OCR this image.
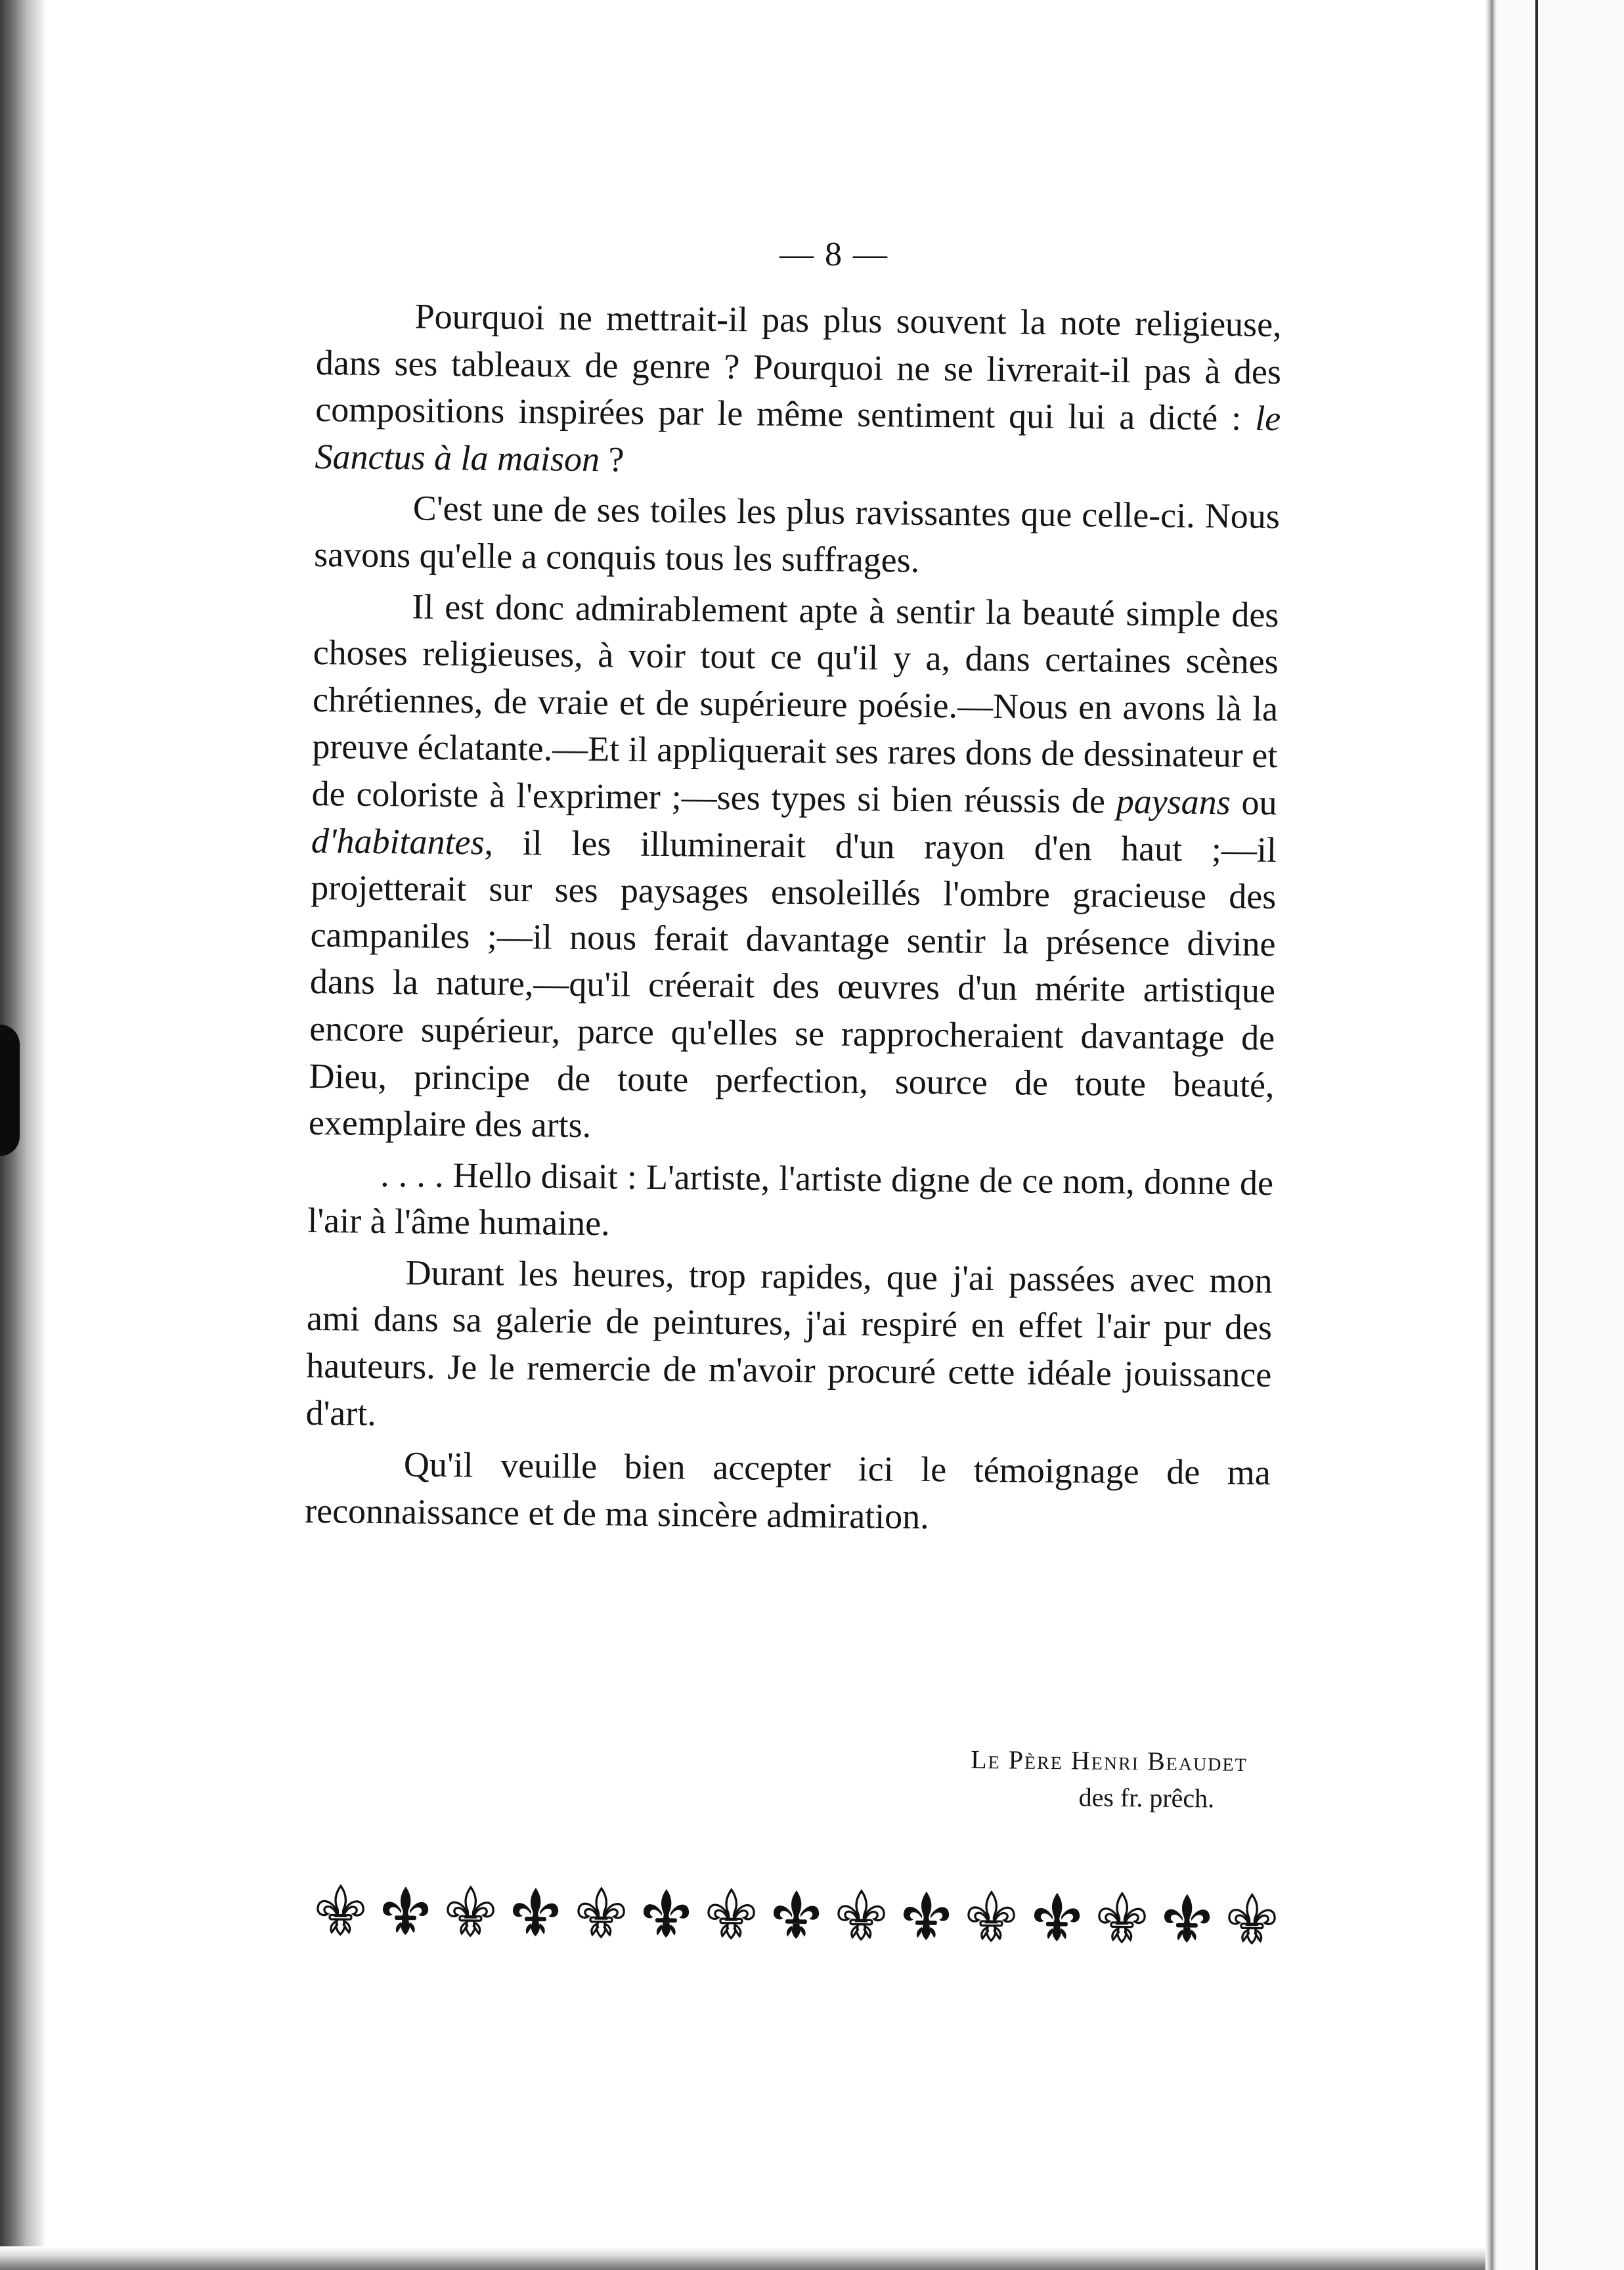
— 8 —

Pourquoi ne mettrait-il pas plus souvent la note religieuse, dans ses tableaux de genre ? Pourquoi ne se livrerait-il pas à des compositions inspirées par le même sentiment qui lui a dicté : le Sanctus à la maison ?

C'est une de ses toiles les plus ravissantes que celle-ci. Nous savons qu'elle a conquis tous les suffrages.

Il est donc admirablement apte à sentir la beauté simple des choses religieuses, à voir tout ce qu'il y a, dans certaines scènes chrétiennes, de vraie et de supérieure poésie.—Nous en avons là la preuve éclatante.—Et il appliquerait ses rares dons de dessinateur et de coloriste à l'exprimer ;—ses types si bien réussis de paysans ou d'habitantes, il les illuminerait d'un rayon d'en haut ;—il projetterait sur ses paysages ensoleillés l'ombre gracieuse des campaniles ;—il nous ferait davantage sentir la présence divine dans la nature,—qu'il créerait des œuvres d'un mérite artistique encore supérieur, parce qu'elles se rapprocheraient davantage de Dieu, principe de toute perfection, source de toute beauté, exemplaire des arts.

. . . . Hello disait : L'artiste, l'artiste digne de ce nom, donne de l'air à l'âme humaine.

Durant les heures, trop rapides, que j'ai passées avec mon ami dans sa galerie de peintures, j'ai respiré en effet l'air pur des hauteurs. Je le remercie de m'avoir procuré cette idéale jouissance d'art.

Qu'il veuille bien accepter ici le témoignage de ma reconnaissance et de ma sincère admiration.

Le Père Henri Beaudet
des fr. prêch.
